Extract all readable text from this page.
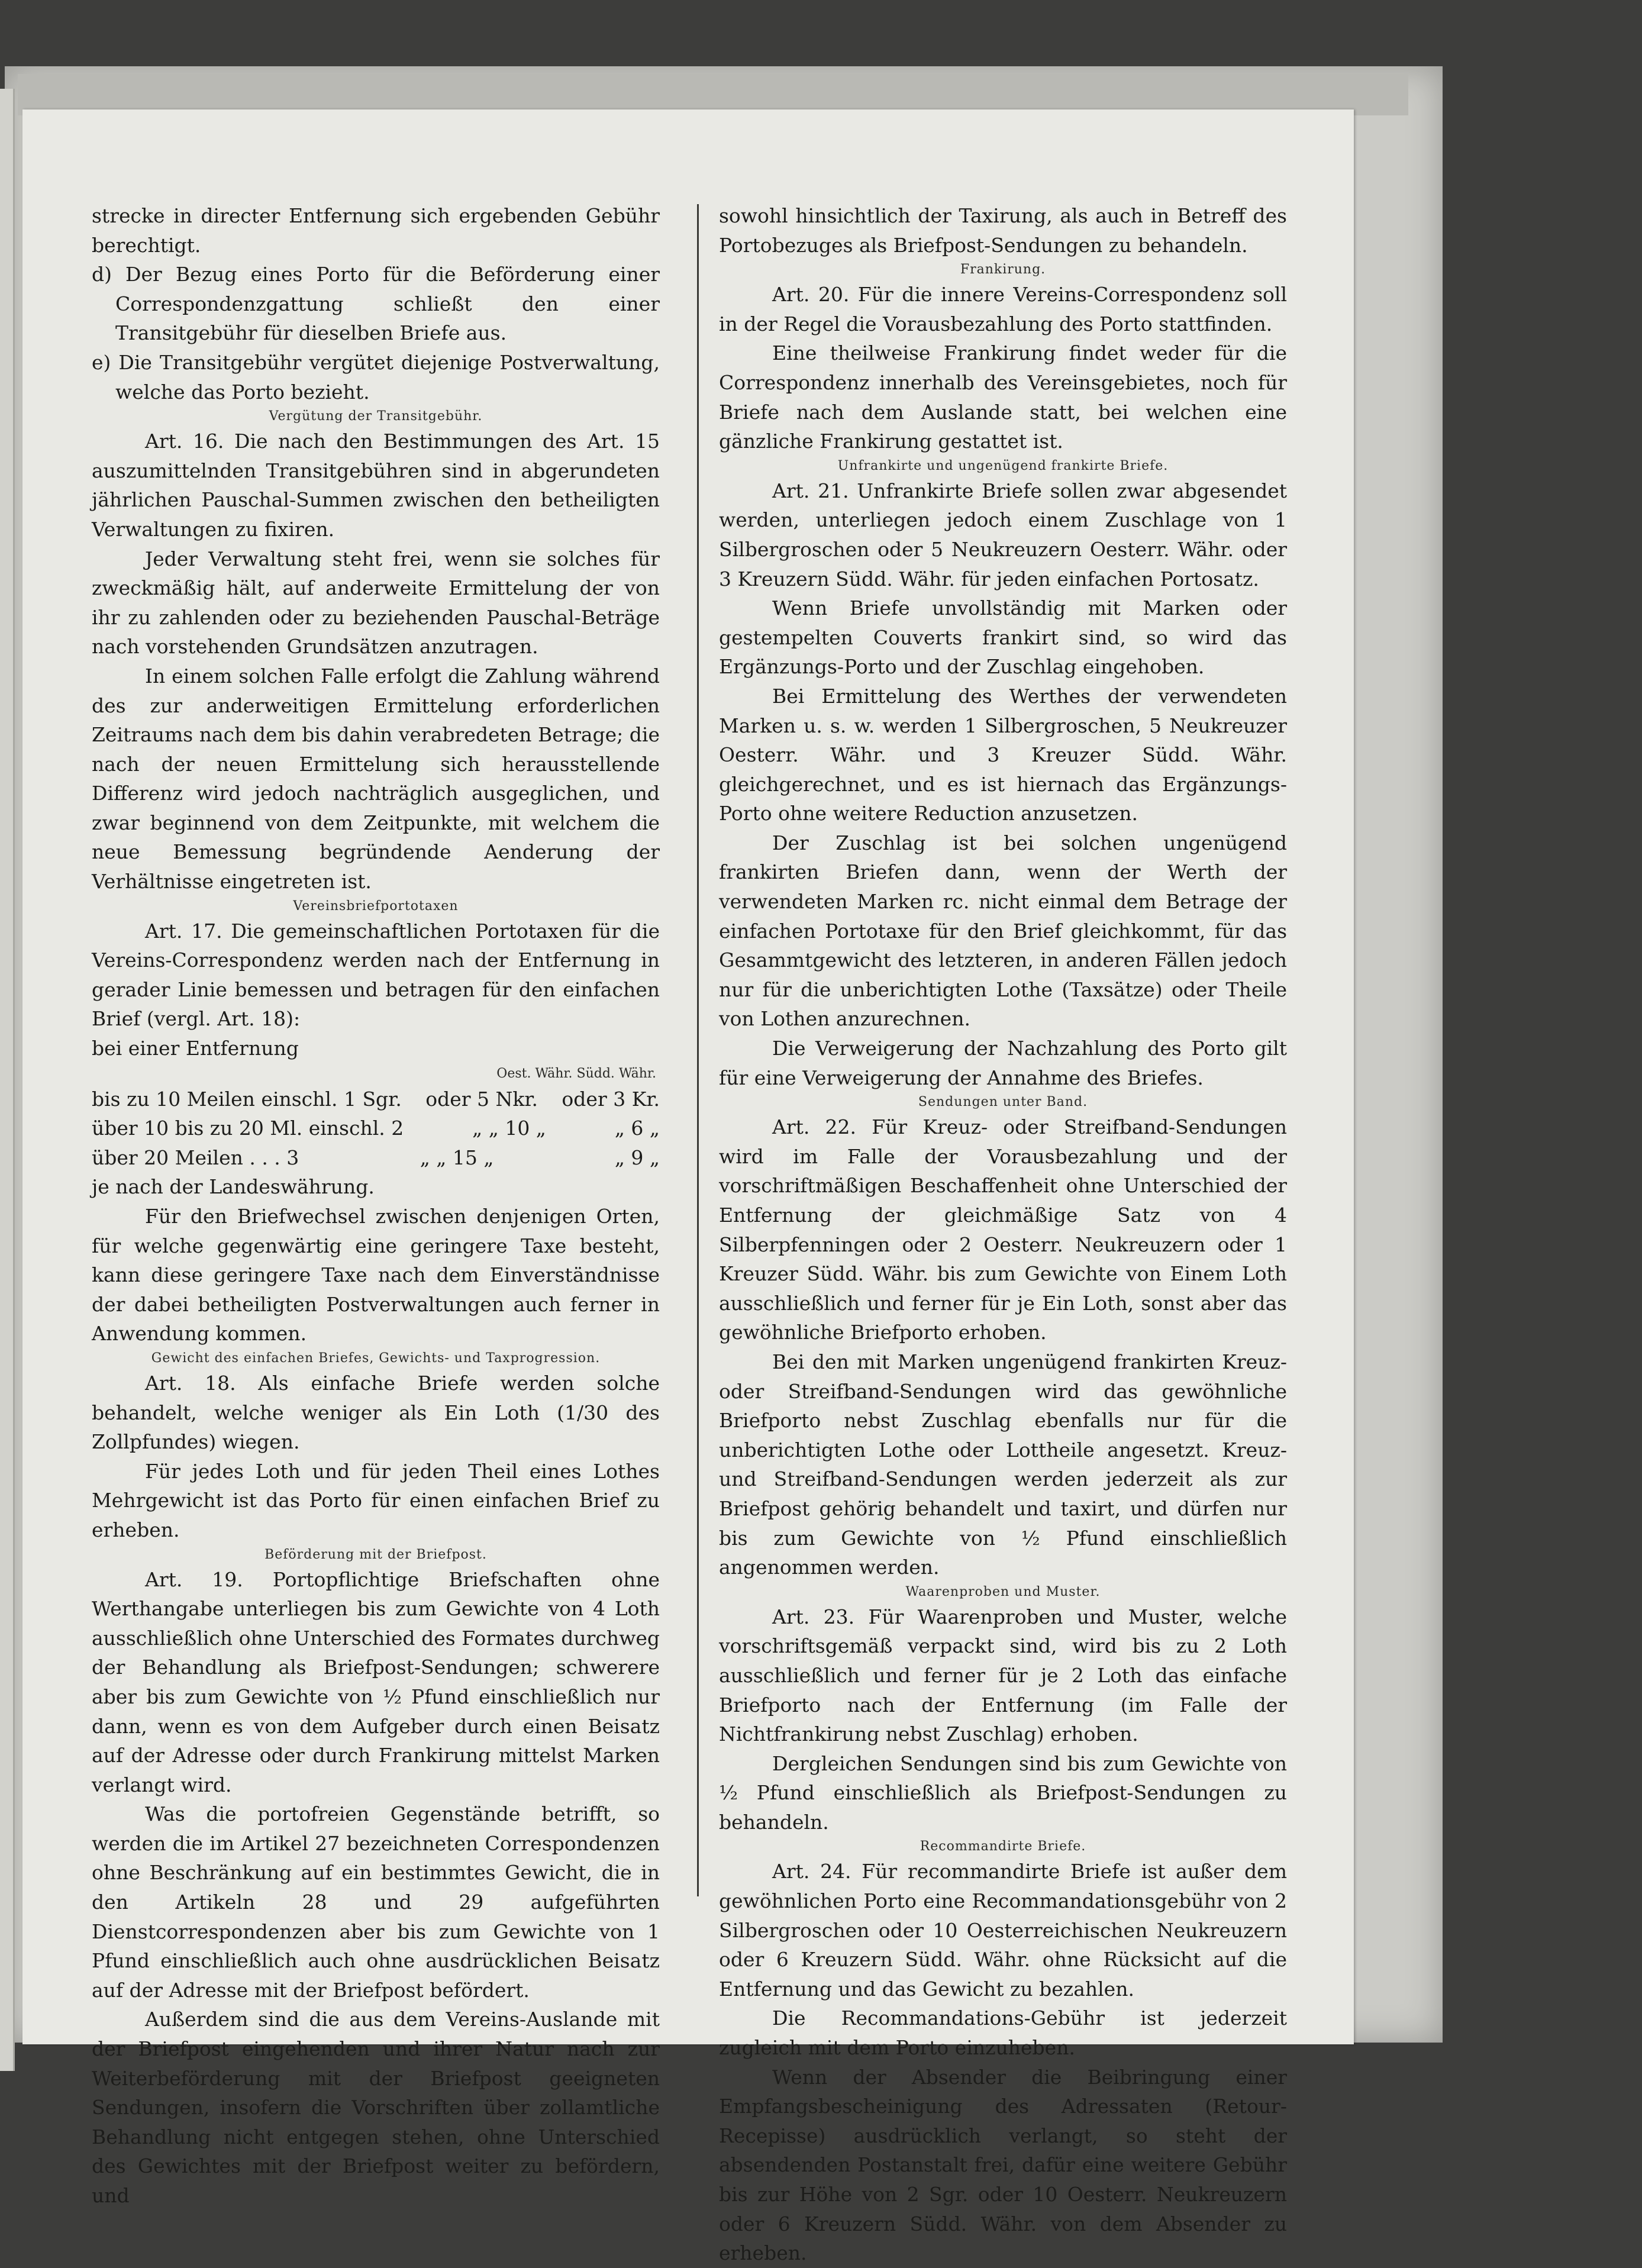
strecke in directer Entfernung sich ergebenden Gebühr berechtigt.

d) Der Bezug eines Porto für die Beförderung einer Correspondenzgattung schließt den einer Transitgebühr für dieselben Briefe aus.

e) Die Transitgebühr vergütet diejenige Postverwaltung, welche das Porto bezieht.

Vergütung der Transitgebühr.

Art. 16. Die nach den Bestimmungen des Art. 15 auszumittelnden Transitgebühren sind in abgerundeten jährlichen Pauschal-Summen zwischen den betheiligten Verwaltungen zu fixiren.

Jeder Verwaltung steht frei, wenn sie solches für zweckmäßig hält, auf anderweite Ermittelung der von ihr zu zahlenden oder zu beziehenden Pauschal-Beträge nach vorstehenden Grundsätzen anzutragen.

In einem solchen Falle erfolgt die Zahlung während des zur anderweitigen Ermittelung erforderlichen Zeitraums nach dem bis dahin verabredeten Betrage; die nach der neuen Ermittelung sich herausstellende Differenz wird jedoch nachträglich ausgeglichen, und zwar beginnend von dem Zeitpunkte, mit welchem die neue Bemessung begründende Aenderung der Verhältnisse eingetreten ist.

Vereinsbriefportotaxen

Art. 17. Die gemeinschaftlichen Portotaxen für die Vereins-Correspondenz werden nach der Entfernung in gerader Linie bemessen und betragen für den einfachen Brief (vergl. Art. 18):

bei einer Entfernung

Oest. Währ. Südd. Währ.
bis zu 10 Meilen einschl. 1 Sgr. oder 5 Nkr. oder 3 Kr.
über 10 bis zu 20 Ml. einschl. 2	„ „ 10 „	„ 6 „
über 20 Meilen . . . 3	„ „ 15 „	„ 9 „

je nach der Landeswährung.

Für den Briefwechsel zwischen denjenigen Orten, für welche gegenwärtig eine geringere Taxe besteht, kann diese geringere Taxe nach dem Einverständnisse der dabei betheiligten Postverwaltungen auch ferner in Anwendung kommen.

Gewicht des einfachen Briefes, Gewichts- und Taxprogression.

Art. 18. Als einfache Briefe werden solche behandelt, welche weniger als Ein Loth (1/30 des Zollpfundes) wiegen.

Für jedes Loth und für jeden Theil eines Lothes Mehrgewicht ist das Porto für einen einfachen Brief zu erheben.

Beförderung mit der Briefpost.

Art. 19. Portopflichtige Briefschaften ohne Werthangabe unterliegen bis zum Gewichte von 4 Loth ausschließlich ohne Unterschied des Formates durchweg der Behandlung als Briefpost-Sendungen; schwerere aber bis zum Gewichte von ½ Pfund einschließlich nur dann, wenn es von dem Aufgeber durch einen Beisatz auf der Adresse oder durch Frankirung mittelst Marken verlangt wird.

Was die portofreien Gegenstände betrifft, so werden die im Artikel 27 bezeichneten Correspondenzen ohne Beschränkung auf ein bestimmtes Gewicht, die in den Artikeln 28 und 29 aufgeführten Dienstcorrespondenzen aber bis zum Gewichte von 1 Pfund einschließlich auch ohne ausdrücklichen Beisatz auf der Adresse mit der Briefpost befördert.

Außerdem sind die aus dem Vereins-Auslande mit der Briefpost eingehenden und ihrer Natur nach zur Weiterbeförderung mit der Briefpost geeigneten Sendungen, insofern die Vorschriften über zollamtliche Behandlung nicht entgegen stehen, ohne Unterschied des Gewichtes mit der Briefpost weiter zu befördern, und

sowohl hinsichtlich der Taxirung, als auch in Betreff des Portobezuges als Briefpost-Sendungen zu behandeln.

Frankirung.

Art. 20. Für die innere Vereins-Correspondenz soll in der Regel die Vorausbezahlung des Porto stattfinden.

Eine theilweise Frankirung findet weder für die Correspondenz innerhalb des Vereinsgebietes, noch für Briefe nach dem Auslande statt, bei welchen eine gänzliche Frankirung gestattet ist.

Unfrankirte und ungenügend frankirte Briefe.

Art. 21. Unfrankirte Briefe sollen zwar abgesendet werden, unterliegen jedoch einem Zuschlage von 1 Silbergroschen oder 5 Neukreuzern Oesterr. Währ. oder 3 Kreuzern Südd. Währ. für jeden einfachen Portosatz.

Wenn Briefe unvollständig mit Marken oder gestempelten Couverts frankirt sind, so wird das Ergänzungs-Porto und der Zuschlag eingehoben.

Bei Ermittelung des Werthes der verwendeten Marken u. s. w. werden 1 Silbergroschen, 5 Neukreuzer Oesterr. Währ. und 3 Kreuzer Südd. Währ. gleichgerechnet, und es ist hiernach das Ergänzungs-Porto ohne weitere Reduction anzusetzen.

Der Zuschlag ist bei solchen ungenügend frankirten Briefen dann, wenn der Werth der verwendeten Marken rc. nicht einmal dem Betrage der einfachen Portotaxe für den Brief gleichkommt, für das Gesammtgewicht des letzteren, in anderen Fällen jedoch nur für die unberichtigten Lothe (Taxsätze) oder Theile von Lothen anzurechnen.

Die Verweigerung der Nachzahlung des Porto gilt für eine Verweigerung der Annahme des Briefes.

Sendungen unter Band.

Art. 22. Für Kreuz- oder Streifband-Sendungen wird im Falle der Vorausbezahlung und der vorschriftmäßigen Beschaffenheit ohne Unterschied der Entfernung der gleichmäßige Satz von 4 Silberpfenningen oder 2 Oesterr. Neukreuzern oder 1 Kreuzer Südd. Währ. bis zum Gewichte von Einem Loth ausschließlich und ferner für je Ein Loth, sonst aber das gewöhnliche Briefporto erhoben.

Bei den mit Marken ungenügend frankirten Kreuz- oder Streifband-Sendungen wird das gewöhnliche Briefporto nebst Zuschlag ebenfalls nur für die unberichtigten Lothe oder Lottheile angesetzt. Kreuz- und Streifband-Sendungen werden jederzeit als zur Briefpost gehörig behandelt und taxirt, und dürfen nur bis zum Gewichte von ½ Pfund einschließlich angenommen werden.

Waarenproben und Muster.

Art. 23. Für Waarenproben und Muster, welche vorschriftsgemäß verpackt sind, wird bis zu 2 Loth ausschließlich und ferner für je 2 Loth das einfache Briefporto nach der Entfernung (im Falle der Nichtfrankirung nebst Zuschlag) erhoben.

Dergleichen Sendungen sind bis zum Gewichte von ½ Pfund einschließlich als Briefpost-Sendungen zu behandeln.

Recommandirte Briefe.

Art. 24. Für recommandirte Briefe ist außer dem gewöhnlichen Porto eine Recommandationsgebühr von 2 Silbergroschen oder 10 Oesterreichischen Neukreuzern oder 6 Kreuzern Südd. Währ. ohne Rücksicht auf die Entfernung und das Gewicht zu bezahlen.

Die Recommandations-Gebühr ist jederzeit zugleich mit dem Porto einzuheben.

Wenn der Absender die Beibringung einer Empfangsbescheinigung des Adressaten (Retour-Recepisse) ausdrücklich verlangt, so steht der absendenden Postanstalt frei, dafür eine weitere Gebühr bis zur Höhe von 2 Sgr. oder 10 Oesterr. Neukreuzern oder 6 Kreuzern Südd. Währ. von dem Absender zu erheben.
